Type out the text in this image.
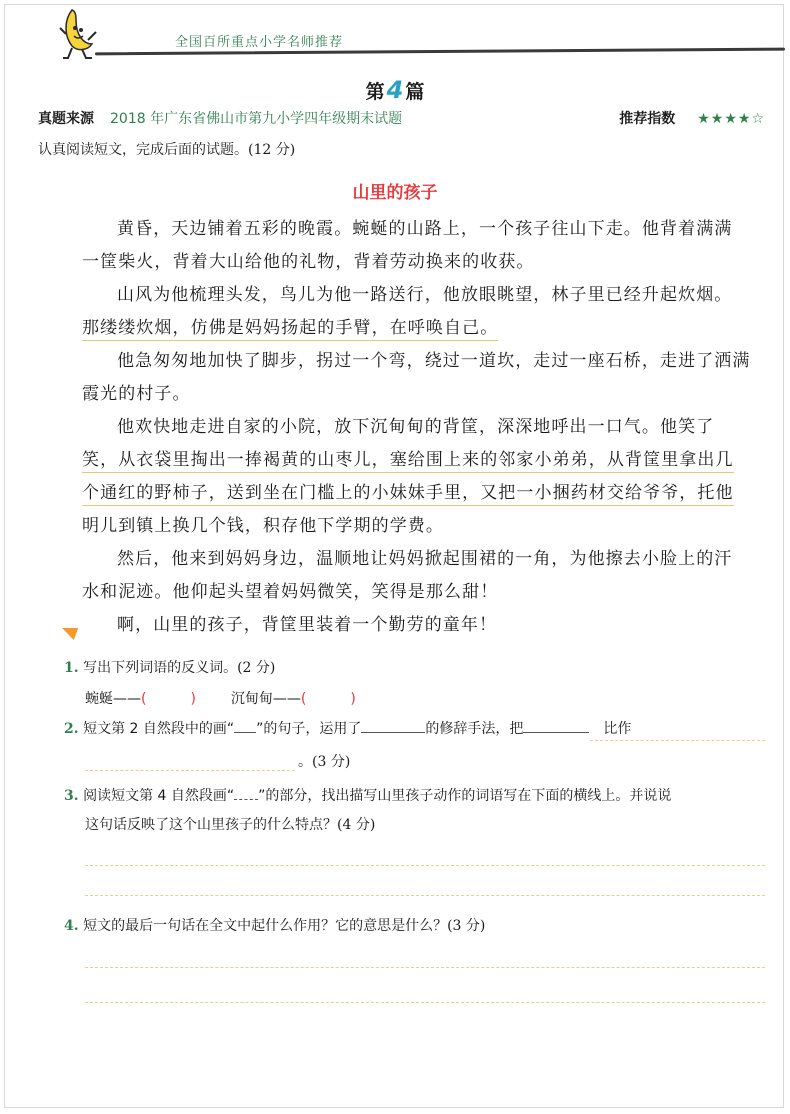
全国百所重点小学名师推荐
第4 篇
真题来源 2018 年广东省佛山市第九小学四年级期末试题	推荐指数 ★★★★☆
认真阅读短文，完成后面的试题。(12 分)
山里的孩子
黄昏，天边铺着五彩的晚霞。蜿蜒的山路上，一个孩子往山下走。他背着满满
一筐柴火，背着大山给他的礼物，背着劳动换来的收获。
山风为他梳理头发，鸟儿为他一路送行，他放眼眺望，林子里已经升起炊烟。
那缕缕炊烟，仿佛是妈妈扬起的手臂，在呼唤自己。
他急匆匆地加快了脚步，拐过一个弯，绕过一道坎，走过一座石桥，走进了洒满
霞光的村子。
他欢快地走进自家的小院，放下沉甸甸的背筐，深深地呼出一口气。他笑了
笑，从衣袋里掏出一捧褐黄的山枣儿，塞给围上来的邻家小弟弟，从背筐里拿出几
个通红的野柿子，送到坐在门槛上的小妹妹手里，又把一小捆药材交给爷爷，托他
明儿到镇上换几个钱，积存他下学期的学费。
然后，他来到妈妈身边，温顺地让妈妈掀起围裙的一角，为他擦去小脸上的汗
水和泥迹。他仰起头望着妈妈微笑，笑得是那么甜！
啊，山里的孩子，背筐里装着一个勤劳的童年！
1. 写出下列词语的反义词。(2 分)
蜿蜒——(	) 沉甸甸——(	)
2. 短文第 2 自然段中的画“ ”的句子，运用了	的修辞手法，把	比作
。(3 分)
3. 阅读短文第 4 自然段画“ ”的部分，找出描写山里孩子动作的词语写在下面的横线上。并说说
这句话反映了这个山里孩子的什么特点？(4 分)
4. 短文的最后一句话在全文中起什么作用？它的意思是什么？(3 分)
